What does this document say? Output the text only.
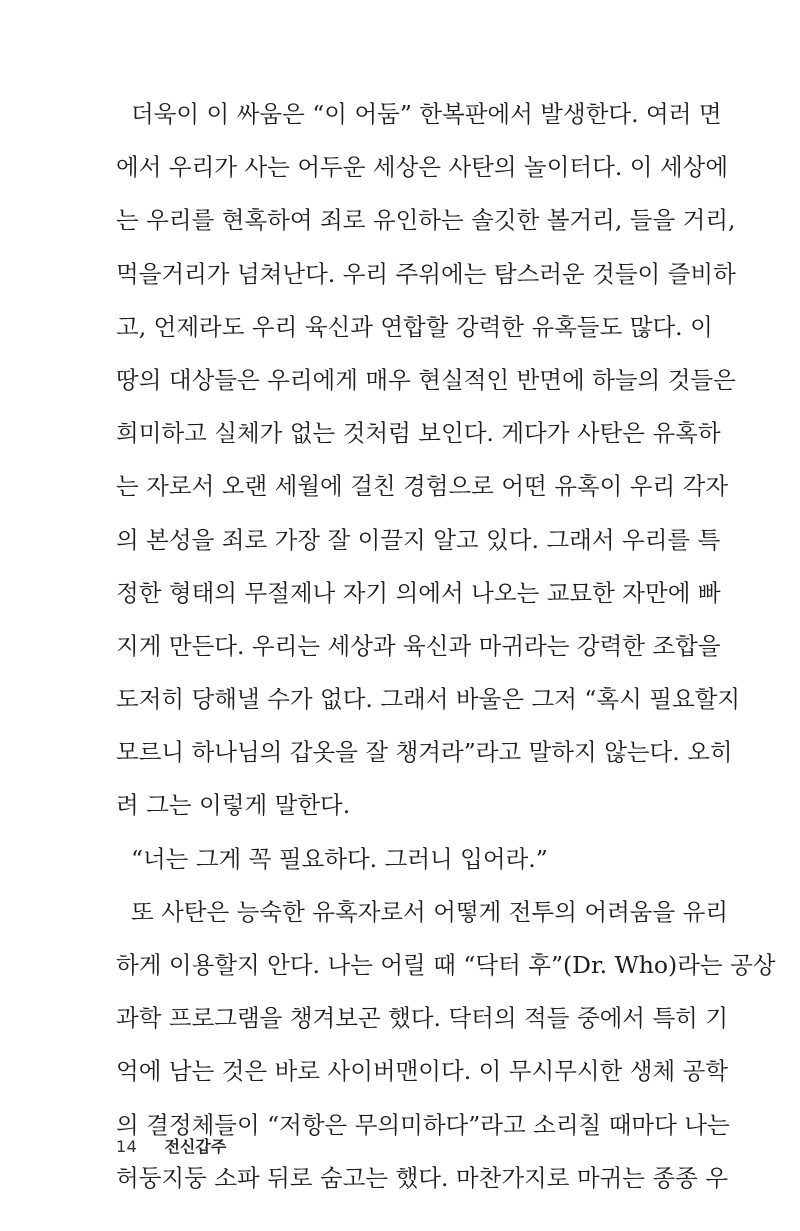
더욱이 이 싸움은 “이 어둠” 한복판에서 발생한다. 여러 면
에서 우리가 사는 어두운 세상은 사탄의 놀이터다. 이 세상에
는 우리를 현혹하여 죄로 유인하는 솔깃한 볼거리, 들을 거리,
먹을거리가 넘쳐난다. 우리 주위에는 탐스러운 것들이 즐비하
고, 언제라도 우리 육신과 연합할 강력한 유혹들도 많다. 이
땅의 대상들은 우리에게 매우 현실적인 반면에 하늘의 것들은
희미하고 실체가 없는 것처럼 보인다. 게다가 사탄은 유혹하
는 자로서 오랜 세월에 걸친 경험으로 어떤 유혹이 우리 각자
의 본성을 죄로 가장 잘 이끌지 알고 있다. 그래서 우리를 특
정한 형태의 무절제나 자기 의에서 나오는 교묘한 자만에 빠
지게 만든다. 우리는 세상과 육신과 마귀라는 강력한 조합을
도저히 당해낼 수가 없다. 그래서 바울은 그저 “혹시 필요할지
모르니 하나님의 갑옷을 잘 챙겨라”라고 말하지 않는다. 오히
려 그는 이렇게 말한다.
“너는 그게 꼭 필요하다. 그러니 입어라.”
또 사탄은 능숙한 유혹자로서 어떻게 전투의 어려움을 유리
하게 이용할지 안다. 나는 어릴 때 “닥터 후”(Dr. Who)라는 공상
과학 프로그램을 챙겨보곤 했다. 닥터의 적들 중에서 특히 기
억에 남는 것은 바로 사이버맨이다. 이 무시무시한 생체 공학
의 결정체들이 “저항은 무의미하다”라고 소리칠 때마다 나는
허둥지둥 소파 뒤로 숨고는 했다. 마찬가지로 마귀는 종종 우
14 전신갑주
